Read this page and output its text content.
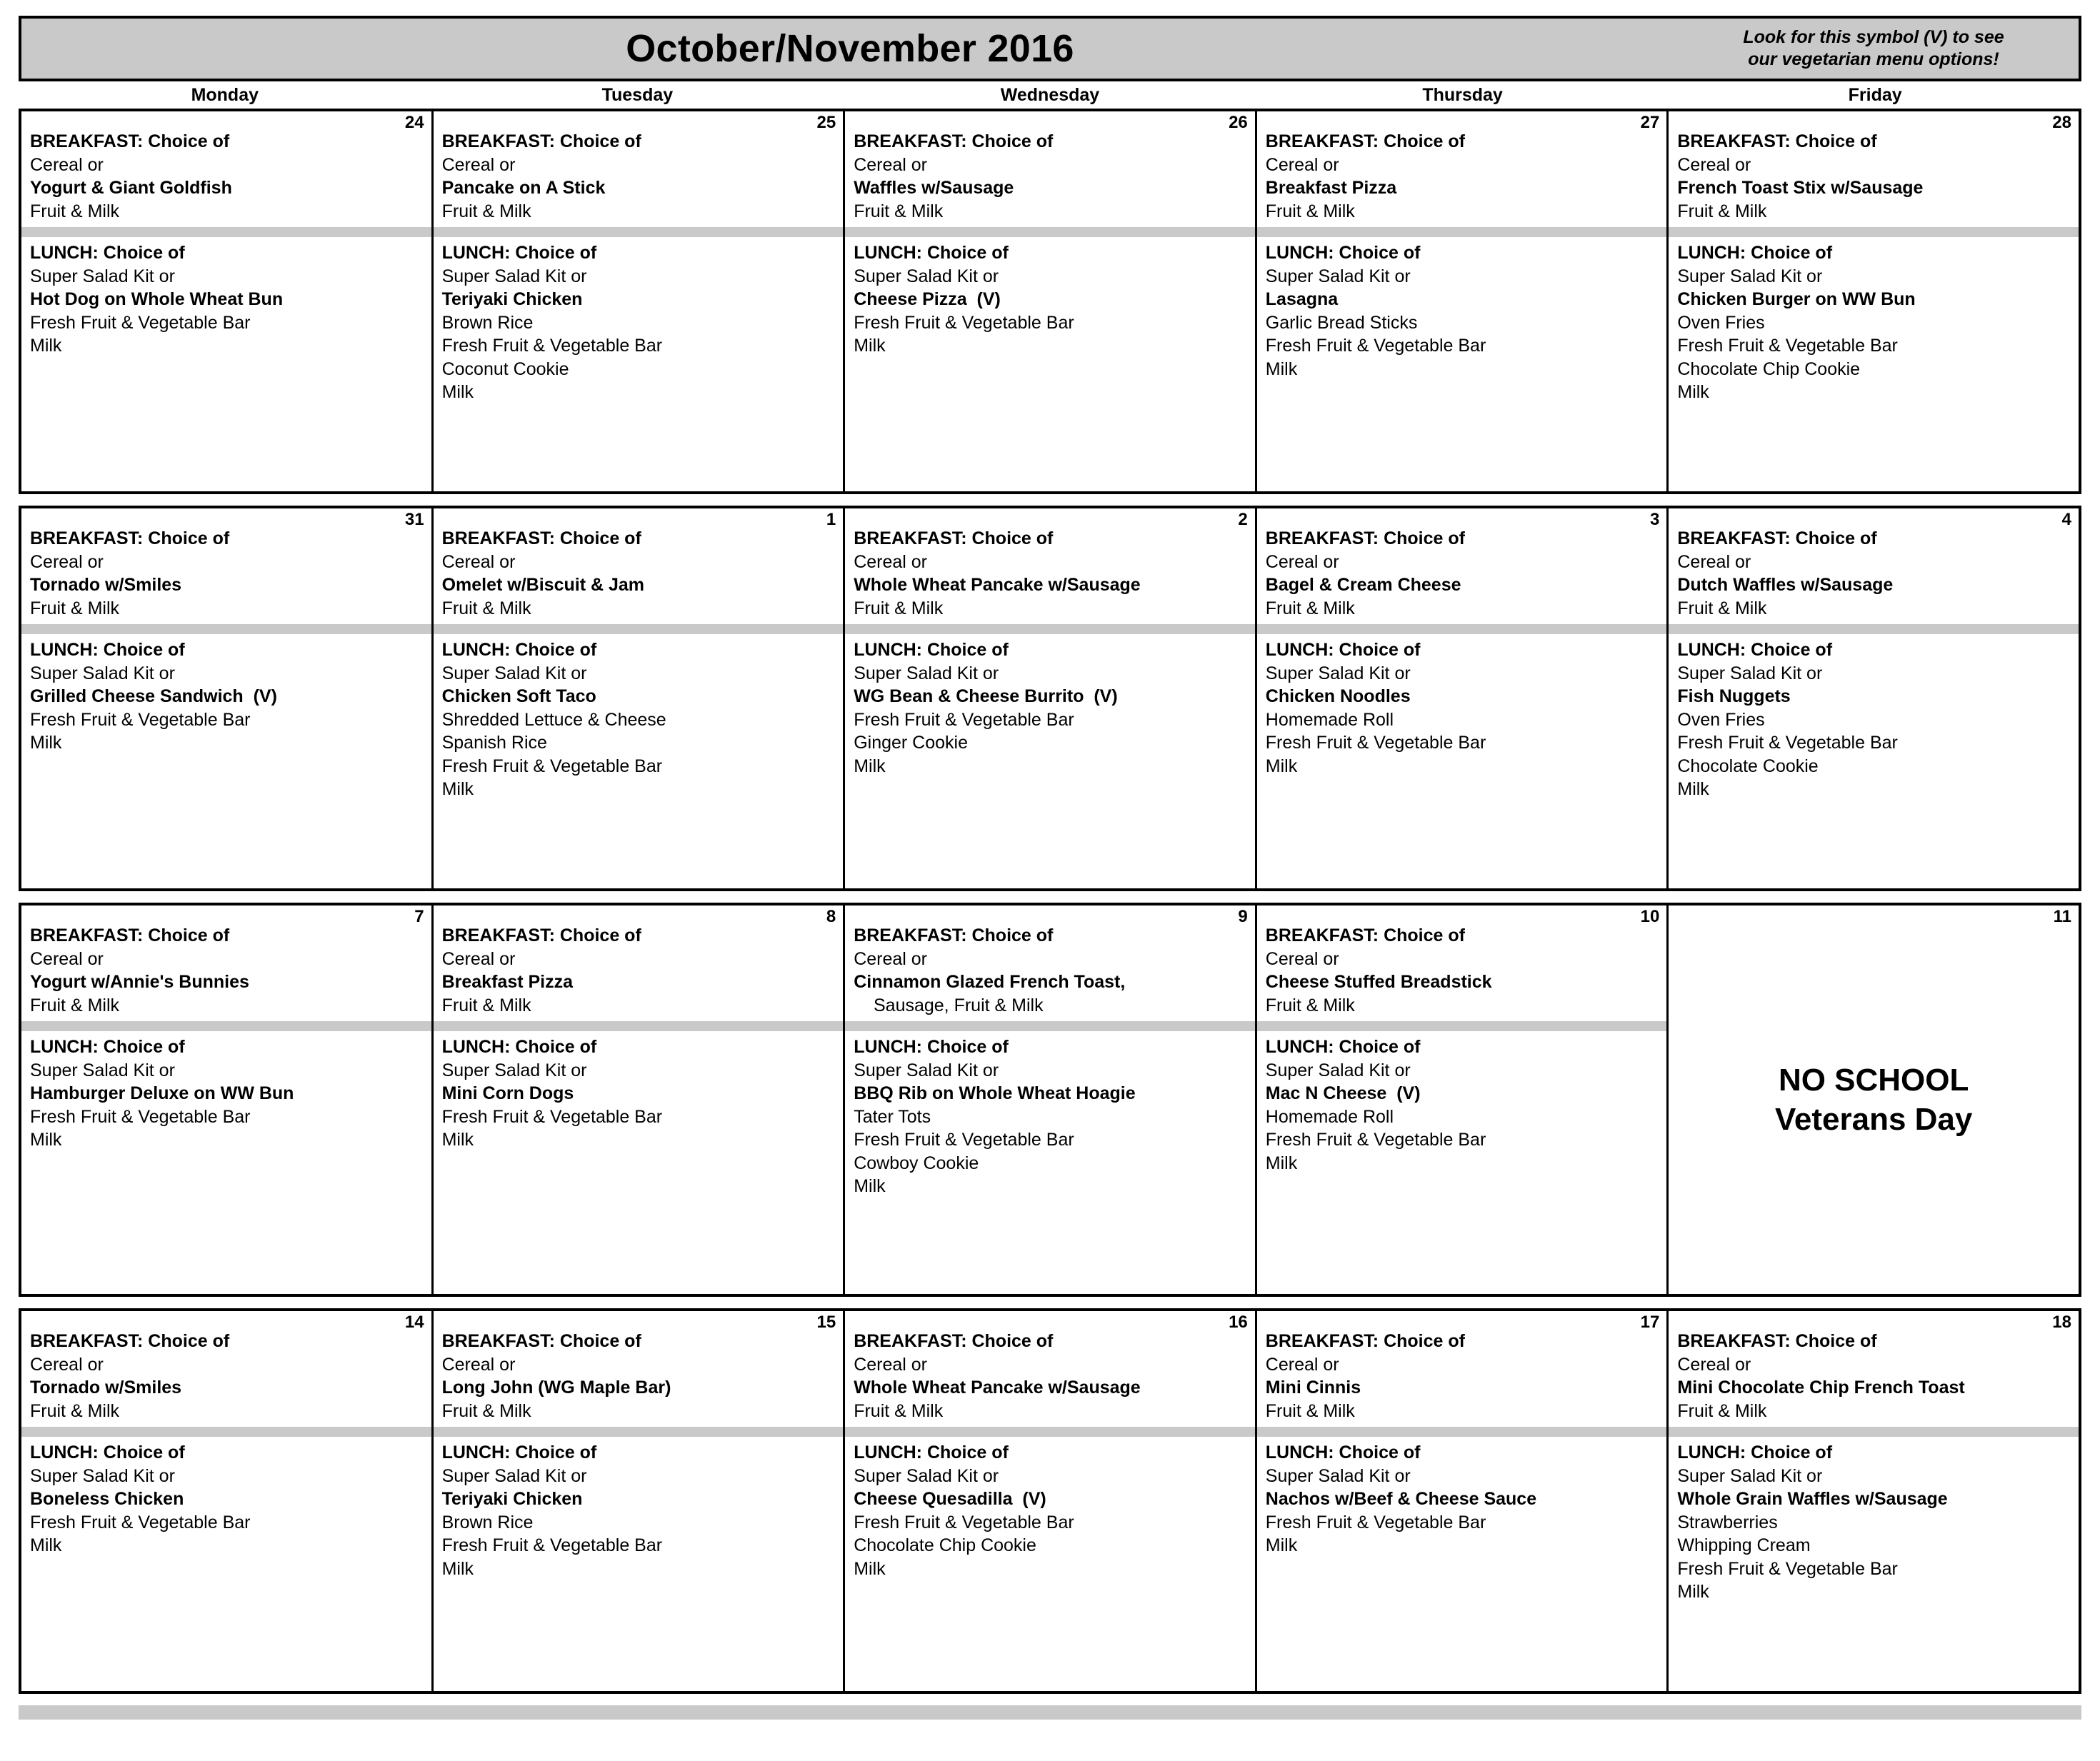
October/November 2016	Look for this symbol (V) to see
our vegetarian menu options!
Monday	Tuesday	Wednesday	Thursday	Friday
24
BREAKFAST: Choice of
Cereal or
Yogurt & Giant Goldfish
Fruit & Milk
LUNCH: Choice of
Super Salad Kit or
Hot Dog on Whole Wheat Bun
Fresh Fruit & Vegetable Bar
Milk
25
BREAKFAST: Choice of
Cereal or
Pancake on A Stick
Fruit & Milk
LUNCH: Choice of
Super Salad Kit or
Teriyaki Chicken
Brown Rice
Fresh Fruit & Vegetable Bar
Coconut Cookie
Milk
26
BREAKFAST: Choice of
Cereal or
Waffles w/Sausage
Fruit & Milk
LUNCH: Choice of
Super Salad Kit or
Cheese Pizza  (V)
Fresh Fruit & Vegetable Bar
Milk
27
BREAKFAST: Choice of
Cereal or
Breakfast Pizza
Fruit & Milk
LUNCH: Choice of
Super Salad Kit or
Lasagna
Garlic Bread Sticks
Fresh Fruit & Vegetable Bar
Milk
28
BREAKFAST: Choice of
Cereal or
French Toast Stix w/Sausage
Fruit & Milk
LUNCH: Choice of
Super Salad Kit or
Chicken Burger on WW Bun
Oven Fries
Fresh Fruit & Vegetable Bar
Chocolate Chip Cookie
Milk
31
BREAKFAST: Choice of
Cereal or
Tornado w/Smiles
Fruit & Milk
LUNCH: Choice of
Super Salad Kit or
Grilled Cheese Sandwich  (V)
Fresh Fruit & Vegetable Bar
Milk
1
BREAKFAST: Choice of
Cereal or
Omelet w/Biscuit & Jam
Fruit & Milk
LUNCH: Choice of
Super Salad Kit or
Chicken Soft Taco
Shredded Lettuce & Cheese
Spanish Rice
Fresh Fruit & Vegetable Bar
Milk
2
BREAKFAST: Choice of
Cereal or
Whole Wheat Pancake w/Sausage
Fruit & Milk
LUNCH: Choice of
Super Salad Kit or
WG Bean & Cheese Burrito  (V)
Fresh Fruit & Vegetable Bar
Ginger Cookie
Milk
3
BREAKFAST: Choice of
Cereal or
Bagel & Cream Cheese
Fruit & Milk
LUNCH: Choice of
Super Salad Kit or
Chicken Noodles
Homemade Roll
Fresh Fruit & Vegetable Bar
Milk
4
BREAKFAST: Choice of
Cereal or
Dutch Waffles w/Sausage
Fruit & Milk
LUNCH: Choice of
Super Salad Kit or
Fish Nuggets
Oven Fries
Fresh Fruit & Vegetable Bar
Chocolate Cookie
Milk
7
BREAKFAST: Choice of
Cereal or
Yogurt w/Annie's Bunnies
Fruit & Milk
LUNCH: Choice of
Super Salad Kit or
Hamburger Deluxe on WW Bun
Fresh Fruit & Vegetable Bar
Milk
8
BREAKFAST: Choice of
Cereal or
Breakfast Pizza
Fruit & Milk
LUNCH: Choice of
Super Salad Kit or
Mini Corn Dogs
Fresh Fruit & Vegetable Bar
Milk
9
BREAKFAST: Choice of
Cereal or
Cinnamon Glazed French Toast,
Sausage, Fruit & Milk
LUNCH: Choice of
Super Salad Kit or
BBQ Rib on Whole Wheat Hoagie
Tater Tots
Fresh Fruit & Vegetable Bar
Cowboy Cookie
Milk
10
BREAKFAST: Choice of
Cereal or
Cheese Stuffed Breadstick
Fruit & Milk
LUNCH: Choice of
Super Salad Kit or
Mac N Cheese  (V)
Homemade Roll
Fresh Fruit & Vegetable Bar
Milk
11
NO SCHOOL
Veterans Day
14
BREAKFAST: Choice of
Cereal or
Tornado w/Smiles
Fruit & Milk
LUNCH: Choice of
Super Salad Kit or
Boneless Chicken
Fresh Fruit & Vegetable Bar
Milk
15
BREAKFAST: Choice of
Cereal or
Long John (WG Maple Bar)
Fruit & Milk
LUNCH: Choice of
Super Salad Kit or
Teriyaki Chicken
Brown Rice
Fresh Fruit & Vegetable Bar
Milk
16
BREAKFAST: Choice of
Cereal or
Whole Wheat Pancake w/Sausage
Fruit & Milk
LUNCH: Choice of
Super Salad Kit or
Cheese Quesadilla  (V)
Fresh Fruit & Vegetable Bar
Chocolate Chip Cookie
Milk
17
BREAKFAST: Choice of
Cereal or
Mini Cinnis
Fruit & Milk
LUNCH: Choice of
Super Salad Kit or
Nachos w/Beef & Cheese Sauce
Fresh Fruit & Vegetable Bar
Milk
18
BREAKFAST: Choice of
Cereal or
Mini Chocolate Chip French Toast
Fruit & Milk
LUNCH: Choice of
Super Salad Kit or
Whole Grain Waffles w/Sausage
Strawberries
Whipping Cream
Fresh Fruit & Vegetable Bar
Milk
